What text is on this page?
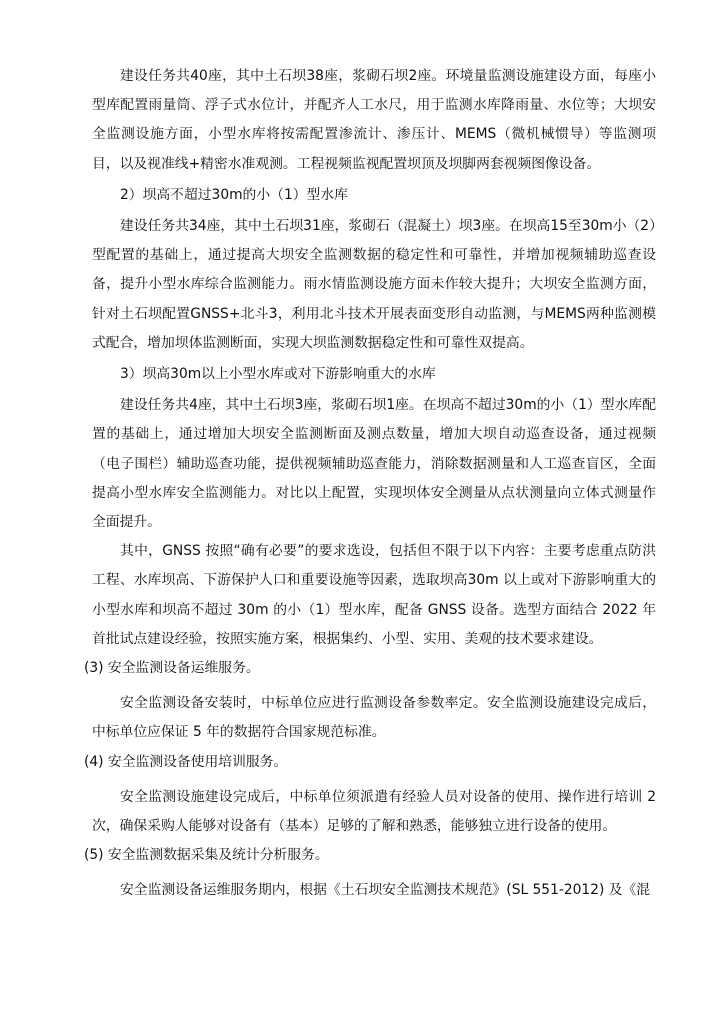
建设任务共40座，其中土石坝38座，浆砌石坝2座。环境量监测设施建设方面，每座小型库配置雨量筒、浮子式水位计，并配齐人工水尺，用于监测水库降雨量、水位等；大坝安全监测设施方面，小型水库将按需配置渗流计、渗压计、MEMS（微机械惯导）等监测项目，以及视准线+精密水准观测。工程视频监视配置坝顶及坝脚两套视频图像设备。

2）坝高不超过30m的小（1）型水库

建设任务共34座，其中土石坝31座，浆砌石（混凝土）坝3座。在坝高15至30m小（2）型配置的基础上，通过提高大坝安全监测数据的稳定性和可靠性，并增加视频辅助巡查设备，提升小型水库综合监测能力。雨水情监测设施方面未作较大提升；大坝安全监测方面，针对土石坝配置GNSS+北斗3，利用北斗技术开展表面变形自动监测，与MEMS两种监测模式配合，增加坝体监测断面，实现大坝监测数据稳定性和可靠性双提高。

3）坝高30m以上小型水库或对下游影响重大的水库

建设任务共4座，其中土石坝3座，浆砌石坝1座。在坝高不超过30m的小（1）型水库配置的基础上，通过增加大坝安全监测断面及测点数量，增加大坝自动巡查设备，通过视频（电子围栏）辅助巡查功能，提供视频辅助巡查能力，消除数据测量和人工巡查盲区，全面提高小型水库安全监测能力。对比以上配置，实现坝体安全测量从点状测量向立体式测量作全面提升。

其中，GNSS 按照“确有必要”的要求选设，包括但不限于以下内容：主要考虑重点防洪工程、水库坝高、下游保护人口和重要设施等因素，选取坝高30m 以上或对下游影响重大的小型水库和坝高不超过 30m 的小（1）型水库，配备 GNSS 设备。选型方面结合 2022 年首批试点建设经验，按照实施方案，根据集约、小型、实用、美观的技术要求建设。

(3) 安全监测设备运维服务。

安全监测设备安装时，中标单位应进行监测设备参数率定。安全监测设施建设完成后，中标单位应保证 5 年的数据符合国家规范标准。

(4) 安全监测设备使用培训服务。

安全监测设施建设完成后，中标单位须派遣有经验人员对设备的使用、操作进行培训 2次，确保采购人能够对设备有（基本）足够的了解和熟悉，能够独立进行设备的使用。

(5) 安全监测数据采集及统计分析服务。

安全监测设备运维服务期内，根据《土石坝安全监测技术规范》(SL 551-2012) 及《混
